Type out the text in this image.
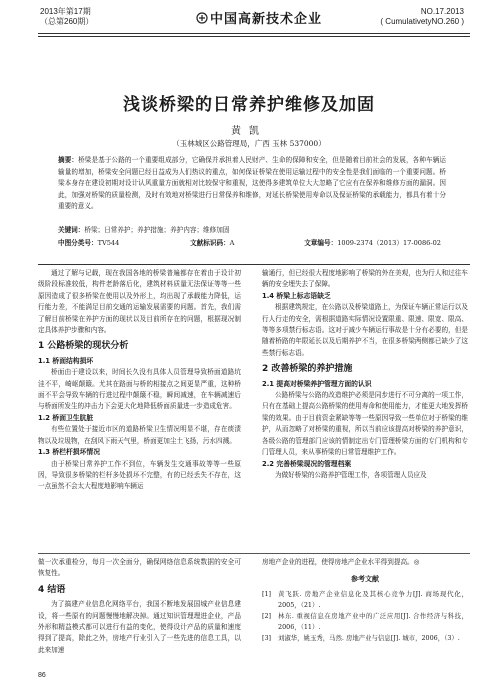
2013年第17期
（总第260期）	中国高新技术企业
NO.17.2013
( CumulativetyNO.260 )
浅谈桥梁的日常养护维修及加固
黄凯
（玉林城区公路管理局，广西 玉林 537000）
摘要：桥梁是基于公路的一个重要组成部分，它确保并承担着人民财产、生命的保障和安全，但是随着目前社会的发展，各种车辆运输量的增加，桥梁安全问题已经日益成为人们热议的重点，如何保证桥梁在使用运输过程中的安全性是我们面临的一个重要问题。桥梁本身存在建设初期对设计认风重量方面就相对比较保守和重视，这使得多建筑单位大大忽略了它应有在保养和维修方面的漏洞。因此，加强对桥梁的质量检测，及时有效地对桥梁进行日常保养和维修，对延长桥梁使用寿命以及保证桥梁的承载能力，都具有着十分重要的意义。
关键词：桥梁；日常养护；养护措施；养护内容；维修加固
中图分类号：TV544	文献标识码：A	文章编号：1009-2374（2013）17-0086-02

通过了解与记载，现在我国各地的桥梁普遍都存在着由于设计初级阶段标准较低，构件老龄落后化，建筑材料质量无法保证等等一些原因造成了很多桥梁在使用以及外形上，均出现了承载能力降低，运行能力差，不能满足目前交通的运输发展需要的问题。首先，我们需了解目前桥梁在养护方面的现状以及目前所存在的问题，根据现况制定具体养护步骤和内容。

1 公路桥梁的现状分析
1.1 桥面结构损坏

桥面由于建设以来，时间长久没有具体人员管理导致桥面道路坑洼不平，崎岖颠簸。尤其在路面与桥的相接点之间更显严重，这种桥面不平会导致车辆的行进过程中颠簸不稳，瞬间减速，在车辆减速后与桥面所发生的冲击力下会更大化地降低桥面质量进一步造成危害。

1.2 桥面卫生肮脏

有些位置处于接近市区的道路桥梁卫生情况明显不堪，存在痰渍物以及垃圾物，在刮风下雨天气里，桥面更加尘土飞扬，污水四溅。

1.3 桥栏杆损坏情况

由于桥梁日常养护工作不到位，车辆发生交通事故等等一些原因，导致很多桥梁的栏杆多处损坏不完整，有的已经丢失不存在，这一点虽然不会太大程度地影响车辆运

输通行，但已经很大程度地影响了桥梁的外在美观，也为行人和过往车辆的安全埋失去了保障。

1.4 桥梁上标志语缺乏

根据建筑规定，在公路以及桥梁道路上，为保证车辆正常运行以及行人行走的安全，需根据道路实际情况设置限重、限速、限宽、限高、等等多项禁行标志语。这对于减少车辆运行事故是十分有必要的，但是随着桥路的年限延长以及后期养护不当，在很多桥梁两侧都已缺少了这些禁行标志语。

2 改善桥梁的养护措施
2.1 提高对桥梁养护管理方面的认识

公路桥梁与公路的改造维护必须是同步进行不可分离的一项工作，只有在基础上提高公路桥梁的使用寿命和使用能力，才能更大地发挥桥梁的效果。由于目前资金紧缺等等一些原因导致一些单位对于桥梁的维护，从而忽略了对桥梁的重视，所以当前应该提高对桥梁的养护意识，各级公路的管理部门应该的情制定出专门管理桥梁方面的专门机构和专门管理人员，来从事桥梁的日常管理维护工作。

2.2 完善桥梁现况的管理档案

为做好桥梁的公路养护管理工作，各项管理人员应及

做一次承重检分，每月一次全面分，确保网络信息系统数据的安全可恢复性。

4 结语

为了搞建产业信息化网络平台，我国不断地发展国城产业信息建设，将一些原有的问题慢慢地解决掉。通过知识管理理进企业，产品外形和精益模式都可以进行有益的变化，使得设计产品的质量和速度得到了提高，除此之外，房地产行业引入了一些先进的信息工具，以此来加速

房地产企业的进程，使得房地产企业水平得到提高。◎

参考文献
[1]	黄飞跃. 房地产企业信息化及其核心竞争力[J]. 商场现代化，2005，（21）.
[2]	林东. 重视信息在房地产业中的广泛应用[J]. 合作经济与科技，2006，（11）.
[3]	刘淑华，姚玉秀，马然. 房地产业与信息[J]. 城市，2006，（3）.
86
